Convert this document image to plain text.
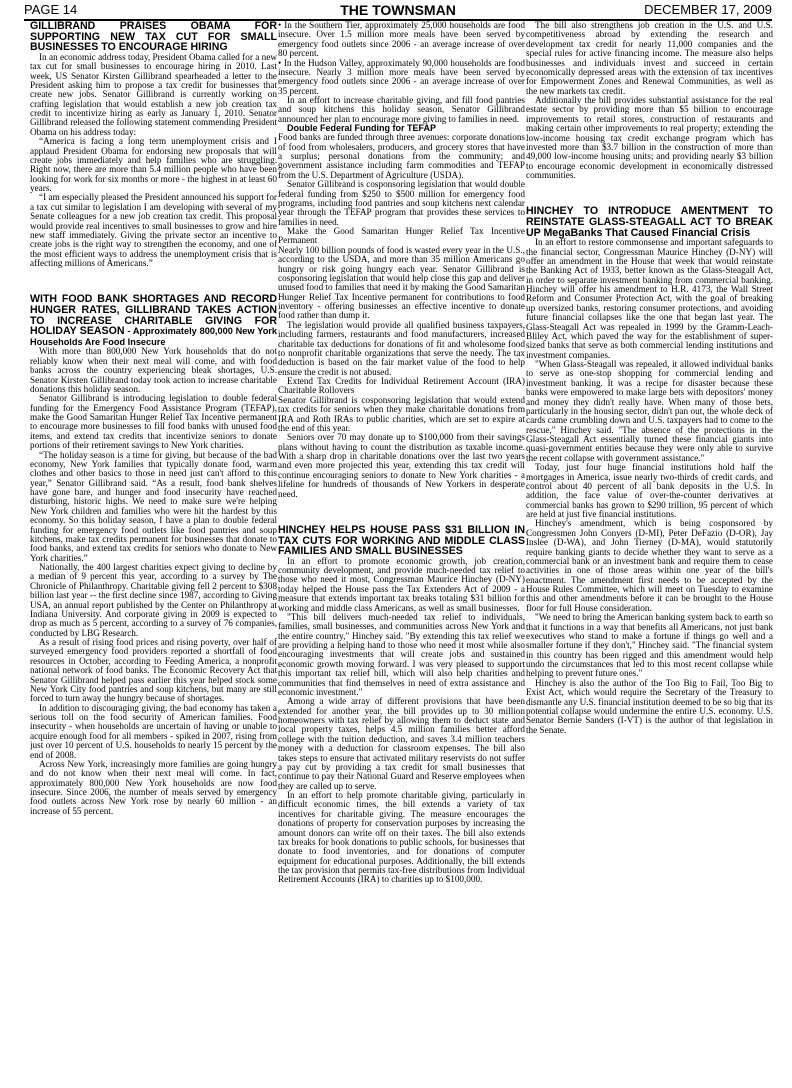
PAGE 14	THE TOWNSMAN	DECEMBER 17, 2009
GILLIBRAND PRAISES OBAMA FOR SUPPORTING NEW TAX CUT FOR SMALL BUSINESSES TO ENCOURAGE HIRING

In an economic address today, President Obama called for a new tax cut for small businesses to encourage hiring in 2010. Last week, US Senator Kirsten Gillibrand spearheaded a letter to the President asking him to propose a tax credit for businesses that create new jobs. Senator Gillibrand is currently working on crafting legislation that would establish a new job creation tax credit to incentivize hiring as early as January 1, 2010. Senator Gillibrand released the following statement commending President Obama on his address today:

“America is facing a long term unemployment crisis and I applaud President Obama for endorsing new proposals that will create jobs immediately and help families who are struggling. Right now, there are more than 5.4 million people who have been looking for work for six months or more - the highest in at least 60 years.

“I am especially pleased the President announced his support for a tax cut similar to legislation I am developing with several of my Senate colleagues for a new job creation tax credit. This proposal would provide real incentives to small businesses to grow and hire new staff immediately. Giving the private sector an incentive to create jobs is the right way to strengthen the economy, and one of the most efficient ways to address the unemployment crisis that is affecting millions of Americans.”

WITH FOOD BANK SHORTAGES AND RECORD HUNGER RATES, GILLIBRAND TAKES ACTION TO INCREASE CHARITABLE GIVING FOR HOLIDAY SEASON - Approximately 800,000 New York Households Are Food Insecure

With more than 800,000 New York households that do not reliably know when their next meal will come, and with food banks across the country experiencing bleak shortages, U.S. Senator Kirsten Gillibrand today took action to increase charitable donations this holiday season.

Senator Gillibrand is introducing legislation to double federal funding for the Emergency Food Assistance Program (TEFAP), make the Good Samaritan Hunger Relief Tax Incentive permanent to encourage more businesses to fill food banks with unused food items, and extend tax credits that incentivize seniors to donate portions of their retirement savings to New York charities.

“The holiday season is a time for giving, but because of the bad economy, New York families that typically donate food, warm clothes and other basics to those in need just can't afford to this year,” Senator Gillibrand said. “As a result, food bank shelves have gone bare, and hunger and food insecurity have reached disturbing, historic highs. We need to make sure we're helping New York children and families who were hit the hardest by this economy. So this holiday season, I have a plan to double federal funding for emergency food outlets like food pantries and soup kitchens, make tax credits permanent for businesses that donate to food banks, and extend tax credits for seniors who donate to New York charities.”

Nationally, the 400 largest charities expect giving to decline by a median of 9 percent this year, according to a survey by The Chronicle of Philanthropy. Charitable giving fell 2 percent to $308 billion last year -- the first decline since 1987, according to Giving USA, an annual report published by the Center on Philanthropy at Indiana University. And corporate giving in 2009 is expected to drop as much as 5 percent, according to a survey of 76 companies, conducted by LBG Research.

As a result of rising food prices and rising poverty, over half of surveyed emergency food providers reported a shortfall of food resources in October, according to Feeding America, a nonprofit national network of food banks. The Economic Recovery Act that Senator Gillibrand helped pass earlier this year helped stock some New York City food pantries and soup kitchens, but many are still forced to turn away the hungry because of shortages.

In addition to discouraging giving, the bad economy has taken a serious toll on the food security of American families. Food insecurity - when households are uncertain of having or unable to acquire enough food for all members - spiked in 2007, rising from just over 10 percent of U.S. households to nearly 15 percent by the end of 2008.

Across New York, increasingly more families are going hungry and do not know when their next meal will come. In fact, approximately 800,000 New York households are now food insecure. Since 2006, the number of meals served by emergency food outlets across New York rose by nearly 60 million - an increase of 55 percent.

• In the Southern Tier, approximately 25,000 households are food insecure. Over 1.5 million more meals have been served by emergency food outlets since 2006 - an average increase of over 80 percent.

• In the Hudson Valley, approximately 90,000 households are food insecure. Nearly 3 million more meals have been served by emergency food outlets since 2006 - an average increase of over 35 percent.

In an effort to increase charitable giving, and fill food pantries and soup kitchens this holiday season, Senator Gillibrand announced her plan to encourage more giving to families in need.

Double Federal Funding for TEFAP

Food banks are funded through three avenues: corporate donations of food from wholesalers, producers, and grocery stores that have a surplus; personal donations from the community; and government assistance including farm commodities and TEFAP from the U.S. Department of Agriculture (USDA).

Senator Gillibrand is cosponsoring legislation that would double federal funding from $250 to $500 million for emergency food programs, including food pantries and soup kitchens next calendar year through the TEFAP program that provides these services to families in need.

Make the Good Samaritan Hunger Relief Tax Incentive Permanent

Nearly 100 billion pounds of food is wasted every year in the U.S., according to the USDA, and more than 35 million Americans go hungry or risk going hungry each year. Senator Gillibrand is cosponsoring legislation that would help close this gap and deliver unused food to families that need it by making the Good Samaritan Hunger Relief Tax Incentive permanent for contributions to food inventory - offering businesses an effective incentive to donate food rather than dump it.

The legislation would provide all qualified business taxpayers, including farmers, restaurants and food manufacturers, increased charitable tax deductions for donations of fit and wholesome food to nonprofit charitable organizations that serve the needy. The tax deduction is based on the fair market value of the food to help ensure the credit is not abused.

Extend Tax Credits for Individual Retirement Account (IRA) Charitable Rollovers

Senator Gillibrand is cosponsoring legislation that would extend tax credits for seniors when they make charitable donations from IRA and Roth IRAs to public charities, which are set to expire at the end of this year.

Seniors over 70 may donate up to $100,000 from their savings plans without having to count the distribution as taxable income. With a sharp drop in charitable donations over the last two years and even more projected this year, extending this tax credit will continue encouraging seniors to donate to New York charities - a lifeline for hundreds of thousands of New Yorkers in desperate need.

HINCHEY HELPS HOUSE PASS $31 BILLION IN TAX CUTS FOR WORKING AND MIDDLE CLASS FAMILIES AND SMALL BUSINESSES

In an effort to promote economic growth, job creation, community development, and provide much-needed tax relief to those who need it most, Congressman Maurice Hinchey (D-NY) today helped the House pass the Tax Extenders Act of 2009 - a measure that extends important tax breaks totaling $31 billion for working and middle class Americans, as well as small businesses.

"This bill delivers much-needed tax relief to individuals, families, small businesses, and communities across New York and the entire country," Hinchey said. "By extending this tax relief we are providing a helping hand to those who need it most while also encouraging investments that will create jobs and sustained economic growth moving forward. I was very pleased to support this important tax relief bill, which will also help charities and communities that find themselves in need of extra assistance and economic investment."

Among a wide array of different provisions that have been extended for another year, the bill provides up to 30 million homeowners with tax relief by allowing them to deduct state and local property taxes, helps 4.5 million families better afford college with the tuition deduction, and saves 3.4 million teachers money with a deduction for classroom expenses. The bill also takes steps to ensure that activated military reservists do not suffer a pay cut by providing a tax credit for small businesses that continue to pay their National Guard and Reserve employees when they are called up to serve.

In an effort to help promote charitable giving, particularly in difficult economic times, the bill extends a variety of tax incentives for charitable giving. The measure encourages the donations of property for conservation purposes by increasing the amount donors can write off on their taxes. The bill also extends tax breaks for book donations to public schools, for businesses that donate to food inventories, and for donations of computer equipment for educational purposes. Additionally, the bill extends the tax provision that permits tax-free distributions from Individual Retirement Accounts (IRA) to charities up to $100,000.

The bill also strengthens job creation in the U.S. and U.S. competitiveness abroad by extending the research and development tax credit for nearly 11,000 companies and the special rules for active financing income. The measure also helps businesses and individuals invest and succeed in certain economically depressed areas with the extension of tax incentives for Empowerment Zones and Renewal Communities, as well as the new markets tax credit.

Additionally the bill provides substantial assistance for the real estate sector by providing more than $5 billion to encourage improvements to retail stores, construction of restaurants and making certain other improvements to real property; extending the low-income housing tax credit exchange program which has invested more than $3.7 billion in the construction of more than 49,000 low-income housing units; and providing nearly $3 billion to encourage economic development in economically distressed communities.

HINCHEY TO INTRODUCE AMENTMENT TO REINSTATE GLASS-STEAGALL ACT TO BREAK UP MegaBanks That Caused Financial Crisis

In an effort to restore commonsense and important safeguards to the financial sector, Congressman Maurice Hinchey (D-NY) will offer an amendment in the House that week that would reinstate the Banking Act of 1933, better known as the Glass-Steagall Act, in order to separate investment banking from commercial banking. Hinchey will offer his amendment to H.R. 4173, the Wall Street Reform and Consumer Protection Act, with the goal of breaking up oversized banks, restoring consumer protections, and avoiding future financial collapses like the one that began last year. The Glass-Steagall Act was repealed in 1999 by the Gramm-Leach-Bliley Act, which paved the way for the establishment of super-sized banks that serve as both commercial lending institutions and investment companies.

"When Glass-Steagall was repealed, it allowed individual banks to serve as one-stop shopping for commercial lending and investment banking. It was a recipe for disaster because these banks were empowered to make large bets with depositors' money and money they didn't really have. When many of those bets, particularly in the housing sector, didn't pan out, the whole deck of cards came crumbling down and U.S. taxpayers had to come to the rescue," Hinchey said. "The absence of the protections in the Glass-Steagall Act essentially turned these financial giants into quasi-government entities because they were only able to survive the recent collapse with government assistance."

Today, just four huge financial institutions hold half the mortgages in America, issue nearly two-thirds of credit cards, and control about 40 percent of all bank deposits in the U.S. In addition, the face value of over-the-counter derivatives at commercial banks has grown to $290 trillion, 95 percent of which are held at just five financial institutions.

Hinchey's amendment, which is being cosponsored by Congressmen John Conyers (D-MI), Peter DeFazio (D-OR), Jay Inslee (D-WA), and John Tierney (D-MA), would statutorily require banking giants to decide whether they want to serve as a commercial bank or an investment bank and require them to cease activities in one of those areas within one year of the bill's enactment. The amendment first needs to be accepted by the House Rules Committee, which will meet on Tuesday to examine this and other amendments before it can be brought to the House floor for full House consideration.

"We need to bring the American banking system back to earth so that it functions in a way that benefits all Americans, not just bank executives who stand to make a fortune if things go well and a smaller fortune if they don't," Hinchey said. "The financial system in this country has been rigged and this amendment would help undo the circumstances that led to this most recent collapse while helping to prevent future ones."

Hinchey is also the author of the Too Big to Fail, Too Big to Exist Act, which would require the Secretary of the Treasury to dismantle any U.S. financial institution deemed to be so big that its potential collapse would undermine the entire U.S. economy. U.S. Senator Bernie Sanders (I-VT) is the author of that legislation in the Senate.
